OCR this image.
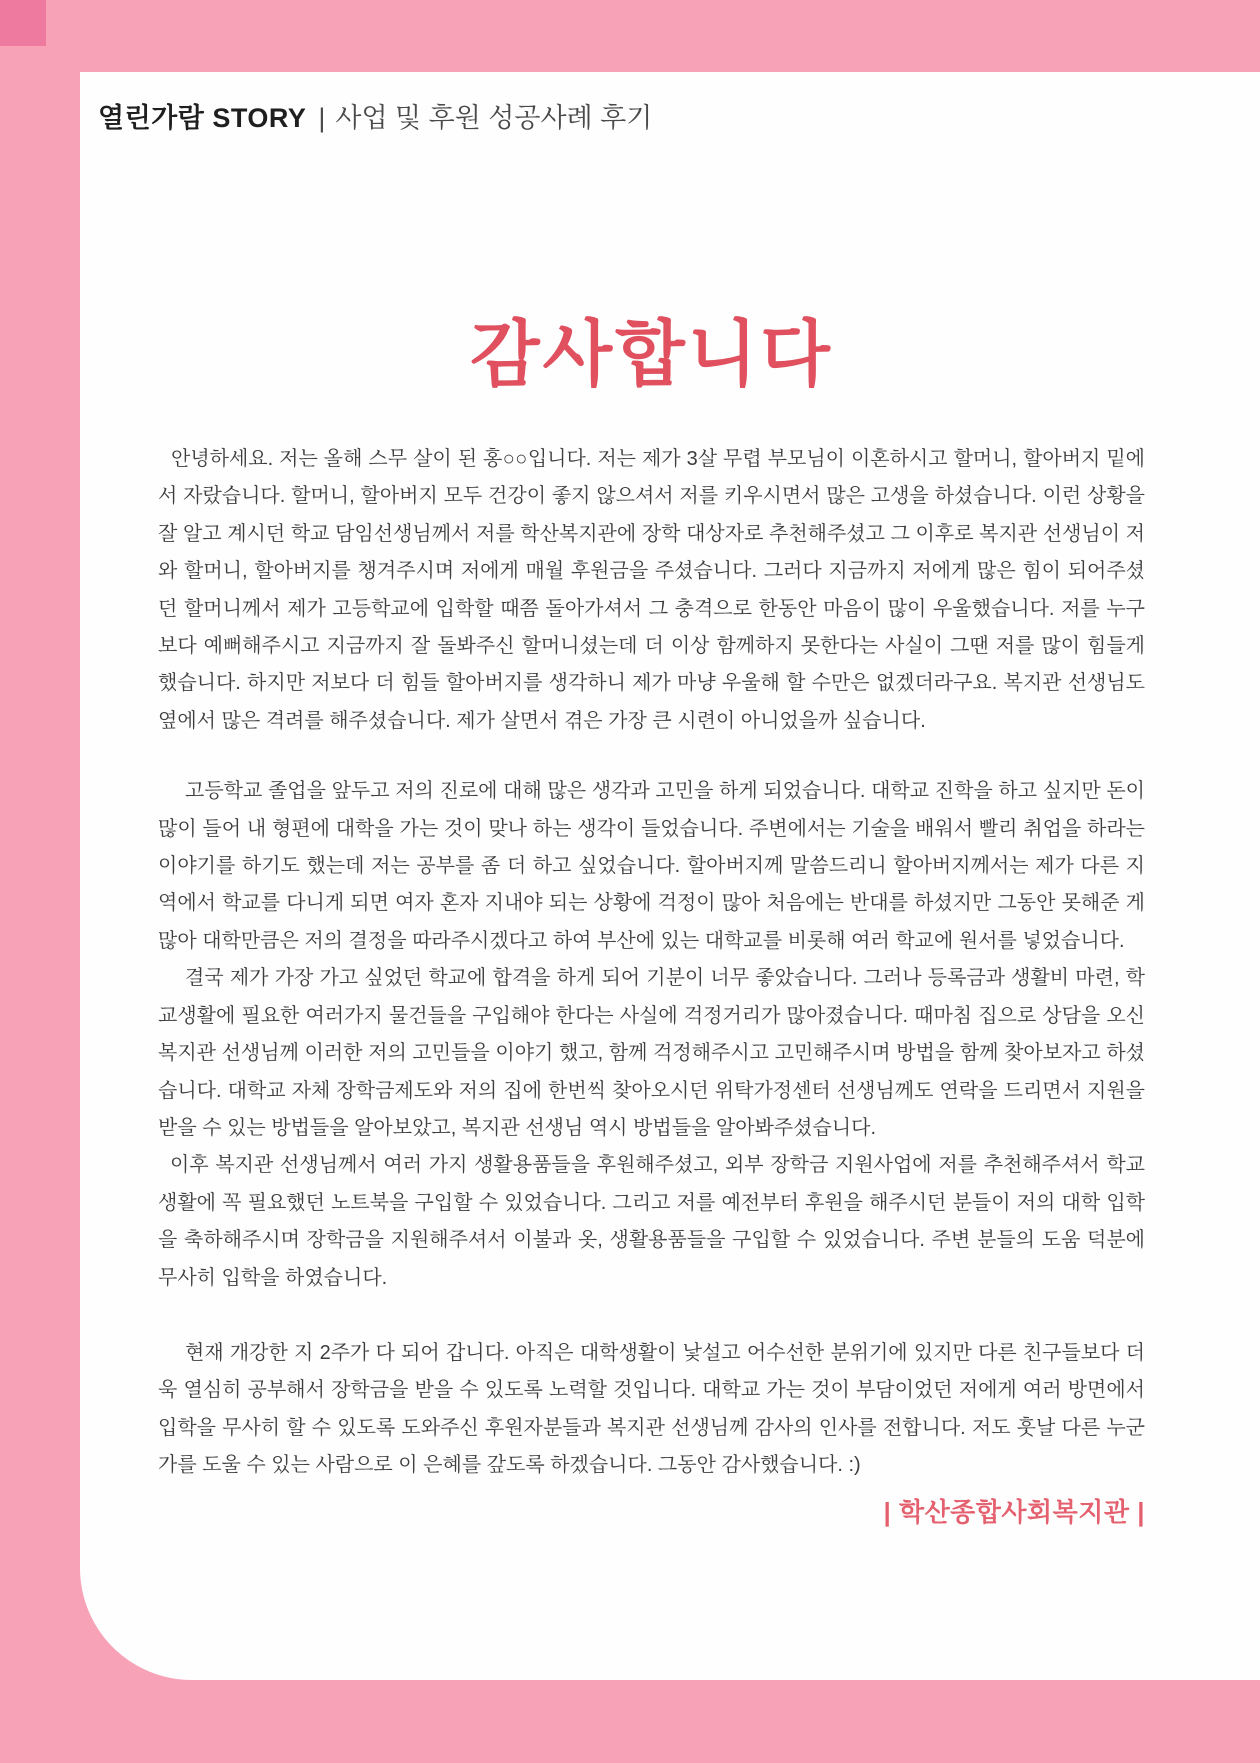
열린가람 STORY | 사업 및 후원 성공사례 후기
감사합니다

안녕하세요. 저는 올해 스무 살이 된 홍○○입니다. 저는 제가 3살 무렵 부모님이 이혼하시고 할머니, 할아버지 밑에서 자랐습니다. 할머니, 할아버지 모두 건강이 좋지 않으셔서 저를 키우시면서 많은 고생을 하셨습니다. 이런 상황을 잘 알고 계시던 학교 담임선생님께서 저를 학산복지관에 장학 대상자로 추천해주셨고 그 이후로 복지관 선생님이 저와 할머니, 할아버지를 챙겨주시며 저에게 매월 후원금을 주셨습니다. 그러다 지금까지 저에게 많은 힘이 되어주셨던 할머니께서 제가 고등학교에 입학할 때쯤 돌아가셔서 그 충격으로 한동안 마음이 많이 우울했습니다. 저를 누구보다 예뻐해주시고 지금까지 잘 돌봐주신 할머니셨는데 더 이상 함께하지 못한다는 사실이 그땐 저를 많이 힘들게 했습니다. 하지만 저보다 더 힘들 할아버지를 생각하니 제가 마냥 우울해 할 수만은 없겠더라구요. 복지관 선생님도 옆에서 많은 격려를 해주셨습니다. 제가 살면서 겪은 가장 큰 시련이 아니었을까 싶습니다.

고등학교 졸업을 앞두고 저의 진로에 대해 많은 생각과 고민을 하게 되었습니다. 대학교 진학을 하고 싶지만 돈이 많이 들어 내 형편에 대학을 가는 것이 맞나 하는 생각이 들었습니다. 주변에서는 기술을 배워서 빨리 취업을 하라는 이야기를 하기도 했는데 저는 공부를 좀 더 하고 싶었습니다. 할아버지께 말씀드리니 할아버지께서는 제가 다른 지역에서 학교를 다니게 되면 여자 혼자 지내야 되는 상황에 걱정이 많아 처음에는 반대를 하셨지만 그동안 못해준 게 많아 대학만큼은 저의 결정을 따라주시겠다고 하여 부산에 있는 대학교를 비롯해 여러 학교에 원서를 넣었습니다.

결국 제가 가장 가고 싶었던 학교에 합격을 하게 되어 기분이 너무 좋았습니다. 그러나 등록금과 생활비 마련, 학교생활에 필요한 여러가지 물건들을 구입해야 한다는 사실에 걱정거리가 많아졌습니다. 때마침 집으로 상담을 오신 복지관 선생님께 이러한 저의 고민들을 이야기 했고, 함께 걱정해주시고 고민해주시며 방법을 함께 찾아보자고 하셨습니다. 대학교 자체 장학금제도와 저의 집에 한번씩 찾아오시던 위탁가정센터 선생님께도 연락을 드리면서 지원을 받을 수 있는 방법들을 알아보았고, 복지관 선생님 역시 방법들을 알아봐주셨습니다.

이후 복지관 선생님께서 여러 가지 생활용품들을 후원해주셨고, 외부 장학금 지원사업에 저를 추천해주셔서 학교생활에 꼭 필요했던 노트북을 구입할 수 있었습니다. 그리고 저를 예전부터 후원을 해주시던 분들이 저의 대학 입학을 축하해주시며 장학금을 지원해주셔서 이불과 옷, 생활용품들을 구입할 수 있었습니다. 주변 분들의 도움 덕분에 무사히 입학을 하였습니다.

현재 개강한 지 2주가 다 되어 갑니다. 아직은 대학생활이 낯설고 어수선한 분위기에 있지만 다른 친구들보다 더욱 열심히 공부해서 장학금을 받을 수 있도록 노력할 것입니다. 대학교 가는 것이 부담이었던 저에게 여러 방면에서 입학을 무사히 할 수 있도록 도와주신 후원자분들과 복지관 선생님께 감사의 인사를 전합니다. 저도 훗날 다른 누군가를 도울 수 있는 사람으로 이 은혜를 갚도록 하겠습니다. 그동안 감사했습니다. :)

| 학산종합사회복지관 |
